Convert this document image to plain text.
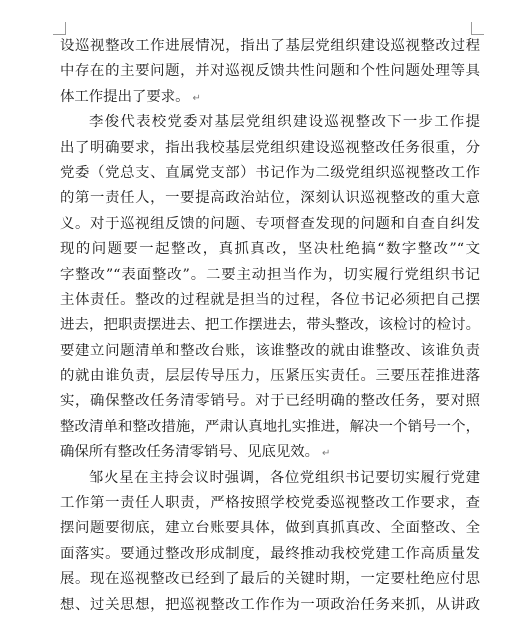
设巡视整改工作进展情况，指出了基层党组织建设巡视整改过程
中存在的主要问题，并对巡视反馈共性问题和个性问题处理等具
体工作提出了要求。 ↵
李俊代表校党委对基层党组织建设巡视整改下一步工作提
出了明确要求，指出我校基层党组织建设巡视整改任务很重，分
党委（党总支、直属党支部）书记作为二级党组织巡视整改工作
的第一责任人，一要提高政治站位，深刻认识巡视整改的重大意
义。对于巡视组反馈的问题、专项督查发现的问题和自查自纠发
现的问题要一起整改，真抓真改，坚决杜绝搞“数字整改”“文
字整改”“表面整改”。二要主动担当作为，切实履行党组织书记
主体责任。整改的过程就是担当的过程，各位书记必须把自己摆
进去，把职责摆进去、把工作摆进去，带头整改，该检讨的检讨。
要建立问题清单和整改台账，该谁整改的就由谁整改、该谁负责
的就由谁负责，层层传导压力，压紧压实责任。三要压茬推进落
实，确保整改任务清零销号。对于已经明确的整改任务，要对照
整改清单和整改措施，严肃认真地扎实推进，解决一个销号一个，
确保所有整改任务清零销号、见底见效。 ↵
邹火星在主持会议时强调，各位党组织书记要切实履行党建
工作第一责任人职责，严格按照学校党委巡视整改工作要求，查
摆问题要彻底，建立台账要具体，做到真抓真改、全面整改、全
面落实。要通过整改形成制度，最终推动我校党建工作高质量发
展。现在巡视整改已经到了最后的关键时期，一定要杜绝应付思
想、过关思想，把巡视整改工作作为一项政治任务来抓，从讲政
